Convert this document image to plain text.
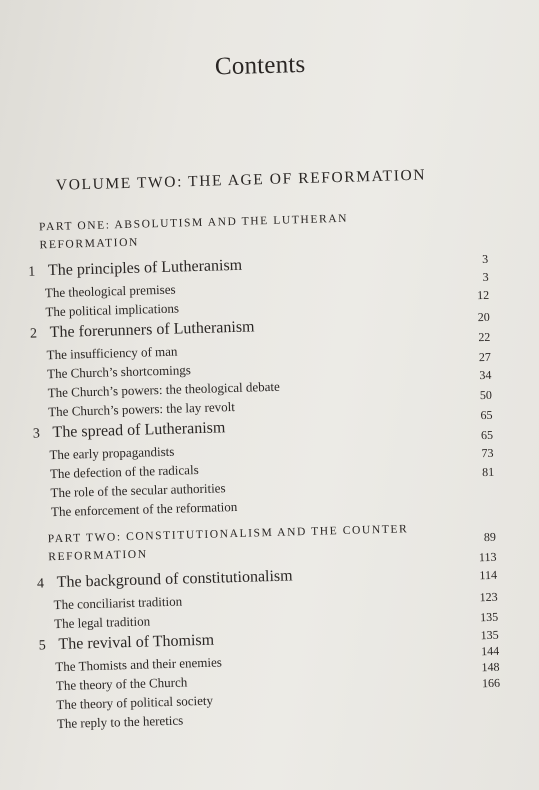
Contents
VOLUME TWO: THE AGE OF REFORMATION
PART ONE: ABSOLUTISM AND THE LUTHERAN
REFORMATION
1 The principles of Lutheranism
The theological premises
The political implications
2 The forerunners of Lutheranism
The insufficiency of man
The Church’s shortcomings
The Church’s powers: the theological debate
The Church’s powers: the lay revolt
3 The spread of Lutheranism
The early propagandists
The defection of the radicals
The role of the secular authorities
The enforcement of the reformation
PART TWO: CONSTITUTIONALISM AND THE COUNTER
REFORMATION
4 The background of constitutionalism
The conciliarist tradition
The legal tradition
5 The revival of Thomism
The Thomists and their enemies
The theory of the Church
The theory of political society
The reply to the heretics
3
3
12
20
22
27
34
50
65
65
73
81
89
113
114
123
135
135
144
148
166
